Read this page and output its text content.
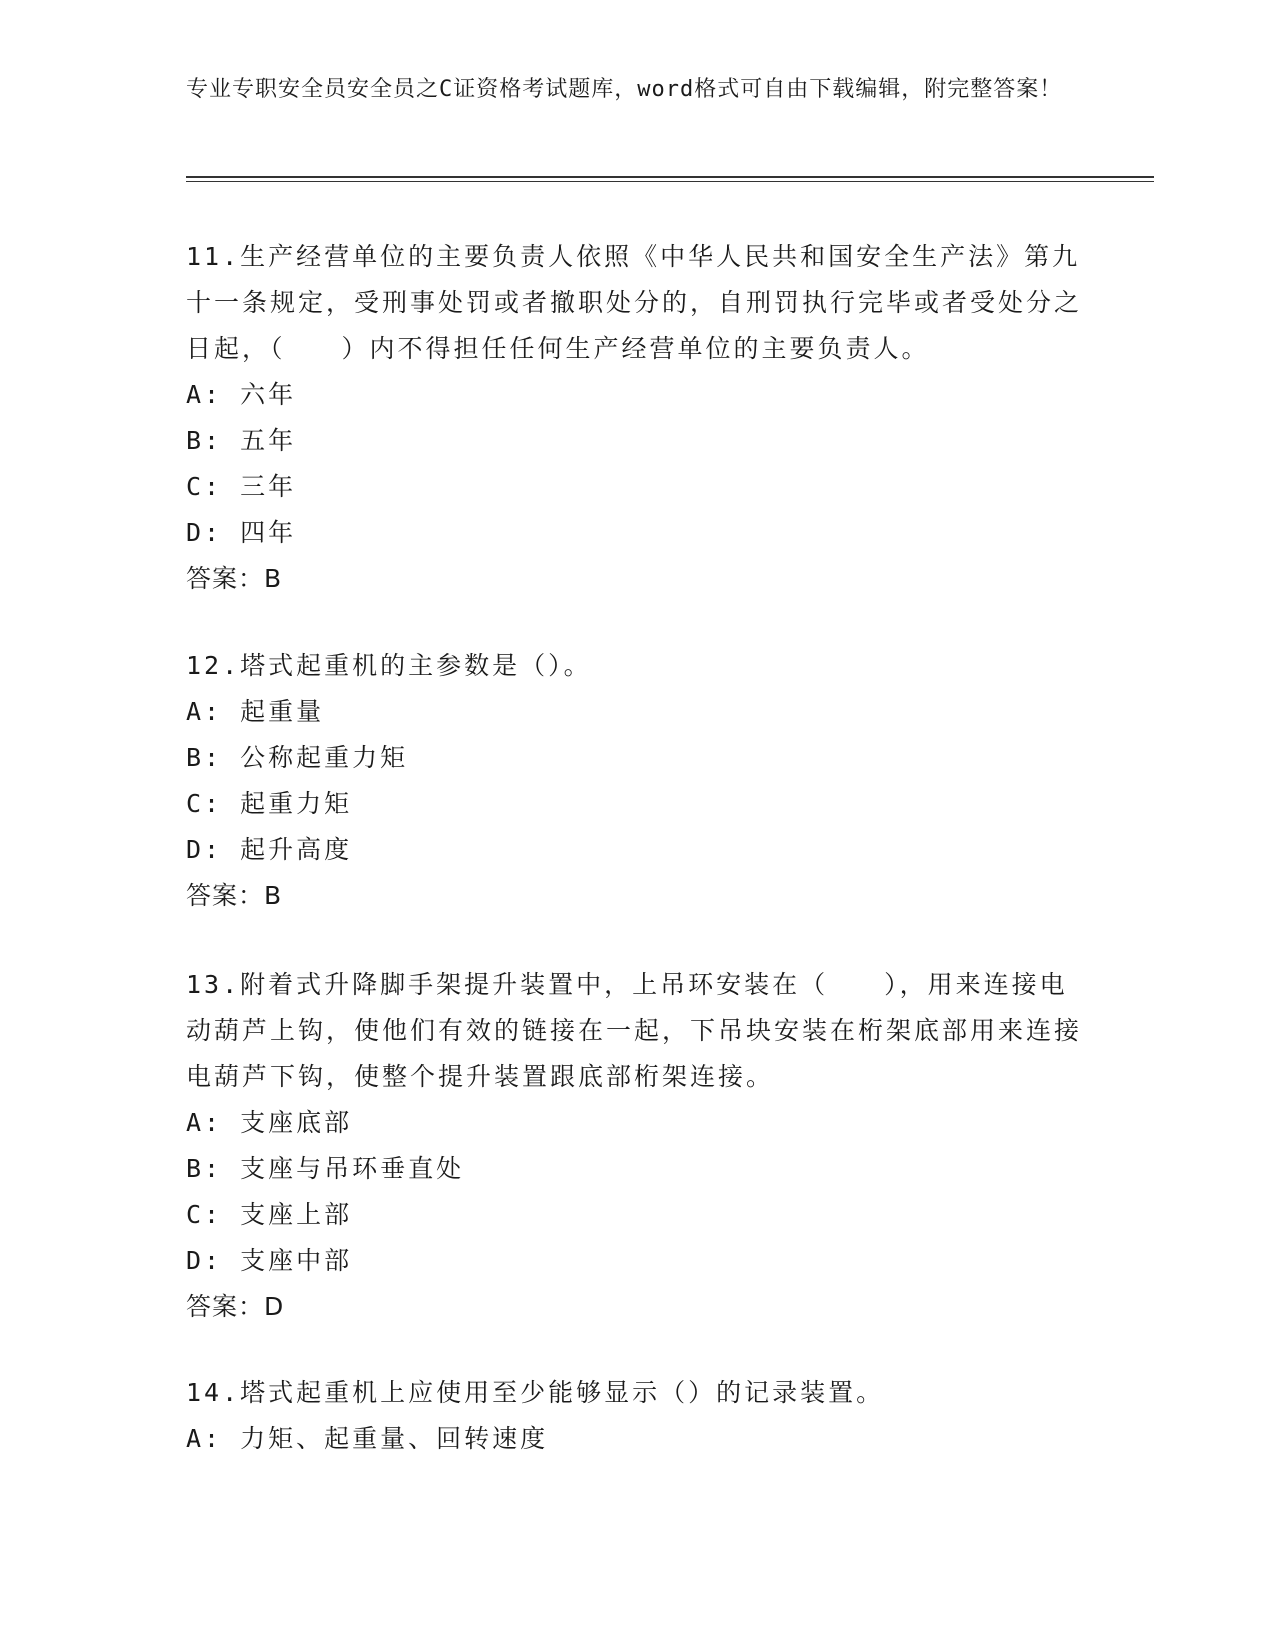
专业专职安全员安全员之C证资格考试题库，word格式可自由下载编辑，附完整答案！

11.生产经营单位的主要负责人依照《中华人民共和国安全生产法》第九十一条规定，受刑事处罚或者撤职处分的，自刑罚执行完毕或者受处分之日起，（　　）内不得担任任何生产经营单位的主要负责人。

A: 六年

B: 五年

C: 三年

D: 四年

答案：B

12.塔式起重机的主参数是（）。

A: 起重量

B: 公称起重力矩

C: 起重力矩

D: 起升高度

答案：B

13.附着式升降脚手架提升装置中，上吊环安装在（　　），用来连接电动葫芦上钩，使他们有效的链接在一起，下吊块安装在桁架底部用来连接电葫芦下钩，使整个提升装置跟底部桁架连接。

A: 支座底部

B: 支座与吊环垂直处

C: 支座上部

D: 支座中部

答案：D

14.塔式起重机上应使用至少能够显示（）的记录装置。

A: 力矩、起重量、回转速度
